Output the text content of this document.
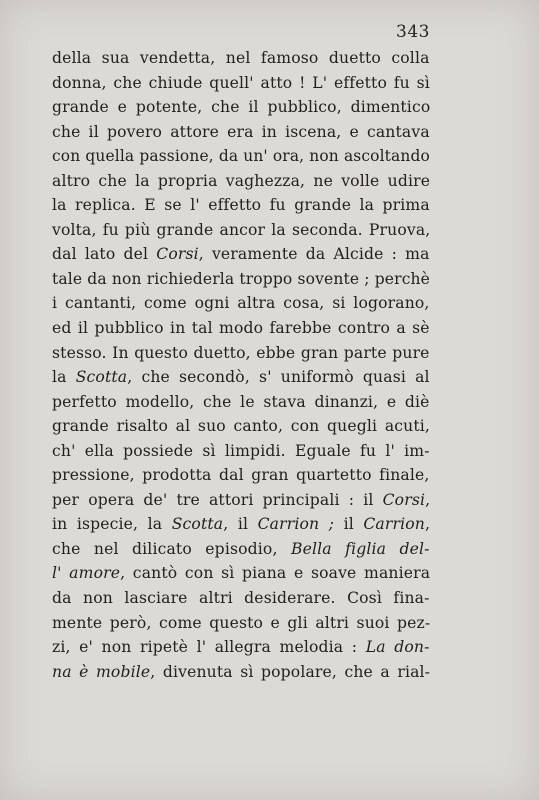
343
della sua vendetta, nel famoso duetto colla
donna, che chiude quell' atto ! L' effetto fu sì
grande e potente, che il pubblico, dimentico
che il povero attore era in iscena, e cantava
con quella passione, da un' ora, non ascoltando
altro che la propria vaghezza, ne volle udire
la replica. E se l' effetto fu grande la prima
volta, fu più grande ancor la seconda. Pruova,
dal lato del Corsi, veramente da Alcide : ma
tale da non richiederla troppo sovente ; perchè
i cantanti, come ogni altra cosa, si logorano,
ed il pubblico in tal modo farebbe contro a sè
stesso. In questo duetto, ebbe gran parte pure
la Scotta, che secondò, s' uniformò quasi al
perfetto modello, che le stava dinanzi, e diè
grande risalto al suo canto, con quegli acuti,
ch' ella possiede sì limpidi. Eguale fu l' im-
pressione, prodotta dal gran quartetto finale,
per opera de' tre attori principali : il Corsi,
in ispecie, la Scotta, il Carrion ; il Carrion,
che nel dilicato episodio, Bella figlia del-
l' amore, cantò con sì piana e soave maniera
da non lasciare altri desiderare. Così fina-
mente però, come questo e gli altri suoi pez-
zi, e' non ripetè l' allegra melodia : La don-
na è mobile, divenuta sì popolare, che a rial-
